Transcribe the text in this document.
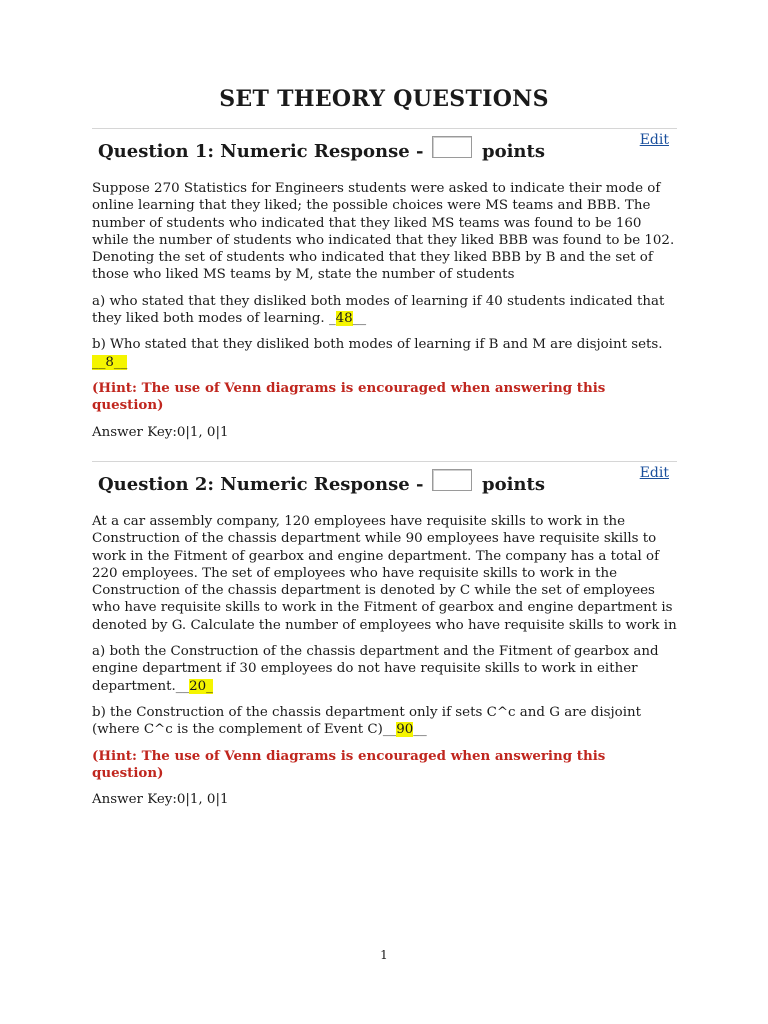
SET THEORY QUESTIONS
Question 1: Numeric Response -	points
Edit

Suppose 270 Statistics for Engineers students were asked to indicate their mode of online learning that they liked; the possible choices were MS teams and BBB. The number of students who indicated that they liked MS teams was found to be 160 while the number of students who indicated that they liked BBB was found to be 102. Denoting the set of students who indicated that they liked BBB by B and the set of those who liked MS teams by M, state the number of students

a) who stated that they disliked both modes of learning if 40 students indicated that they liked both modes of learning. _48__

b) Who stated that they disliked both modes of learning if B and M are disjoint sets. __8__

(Hint: The use of Venn diagrams is encouraged when answering this question)

Answer Key:0|1, 0|1

Question 2: Numeric Response -	points
Edit

At a car assembly company, 120 employees have requisite skills to work in the Construction of the chassis department while 90 employees have requisite skills to work in the Fitment of gearbox and engine department. The company has a total of 220 employees. The set of employees who have requisite skills to work in the Construction of the chassis department is denoted by C while the set of employees who have requisite skills to work in the Fitment of gearbox and engine department is denoted by G. Calculate the number of employees who have requisite skills to work in

a) both the Construction of the chassis department and the Fitment of gearbox and engine department if 30 employees do not have requisite skills to work in either department.__20_

b) the Construction of the chassis department only if sets C^c and G are disjoint (where C^c is the complement of Event C)__90__

(Hint: The use of Venn diagrams is encouraged when answering this question)

Answer Key:0|1, 0|1

1
